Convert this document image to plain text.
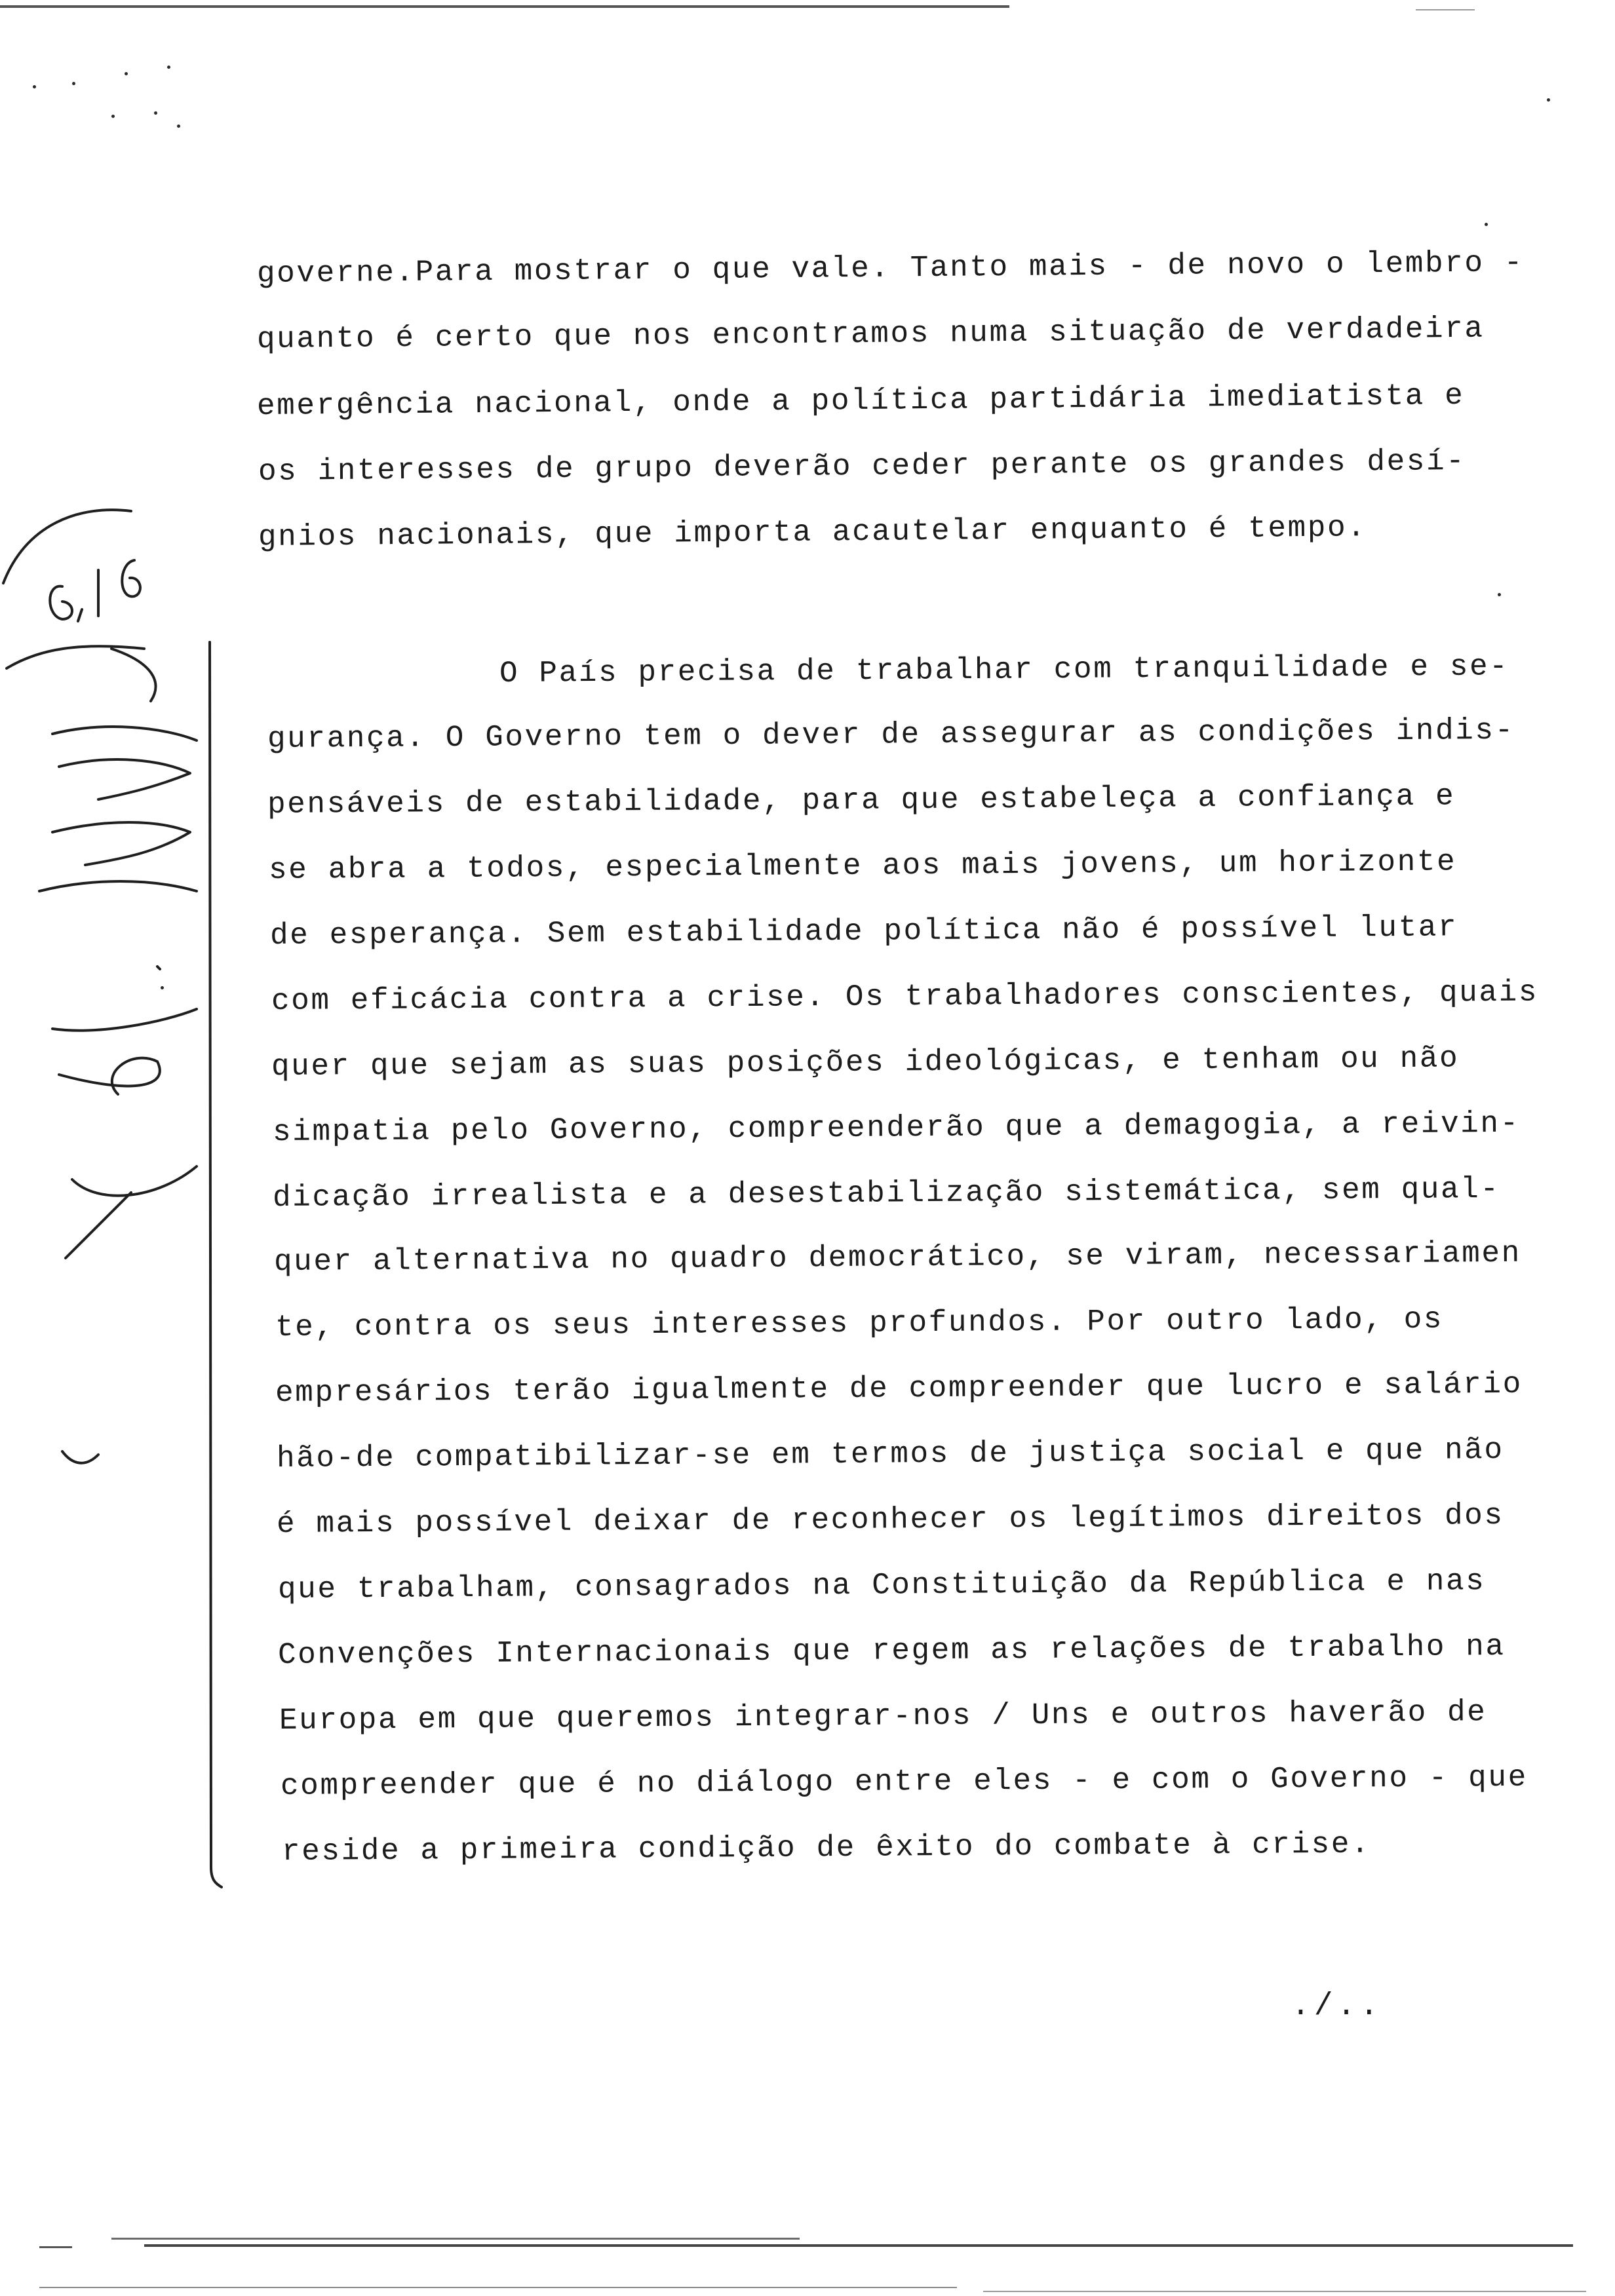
governe.Para mostrar o que vale. Tanto mais - de novo o lembro -
quanto é certo que nos encontramos numa situação de verdadeira
emergência nacional, onde a política partidária imediatista e
os interesses de grupo deverão ceder perante os grandes desí-
gnios nacionais, que importa acautelar enquanto é tempo.
O País precisa de trabalhar com tranquilidade e se-
gurança. O Governo tem o dever de assegurar as condições indis-
pensáveis de estabilidade, para que estabeleça a confiança e
se abra a todos, especialmente aos mais jovens, um horizonte
de esperança. Sem estabilidade política não é possível lutar
com eficácia contra a crise. Os trabalhadores conscientes, quais
quer que sejam as suas posições ideológicas, e tenham ou não
simpatia pelo Governo, compreenderão que a demagogia, a reivin-
dicação irrealista e a desestabilização sistemática, sem qual-
quer alternativa no quadro democrático, se viram, necessariamen
te, contra os seus interesses profundos. Por outro lado, os
empresários terão igualmente de compreender que lucro e salário
hão-de compatibilizar-se em termos de justiça social e que não
é mais possível deixar de reconhecer os legítimos direitos dos
que trabalham, consagrados na Constituição da República e nas
Convenções Internacionais que regem as relações de trabalho na
Europa em que queremos integrar-nos / Uns e outros haverão de
compreender que é no diálogo entre eles - e com o Governo - que
reside a primeira condição de êxito do combate à crise.
./..
